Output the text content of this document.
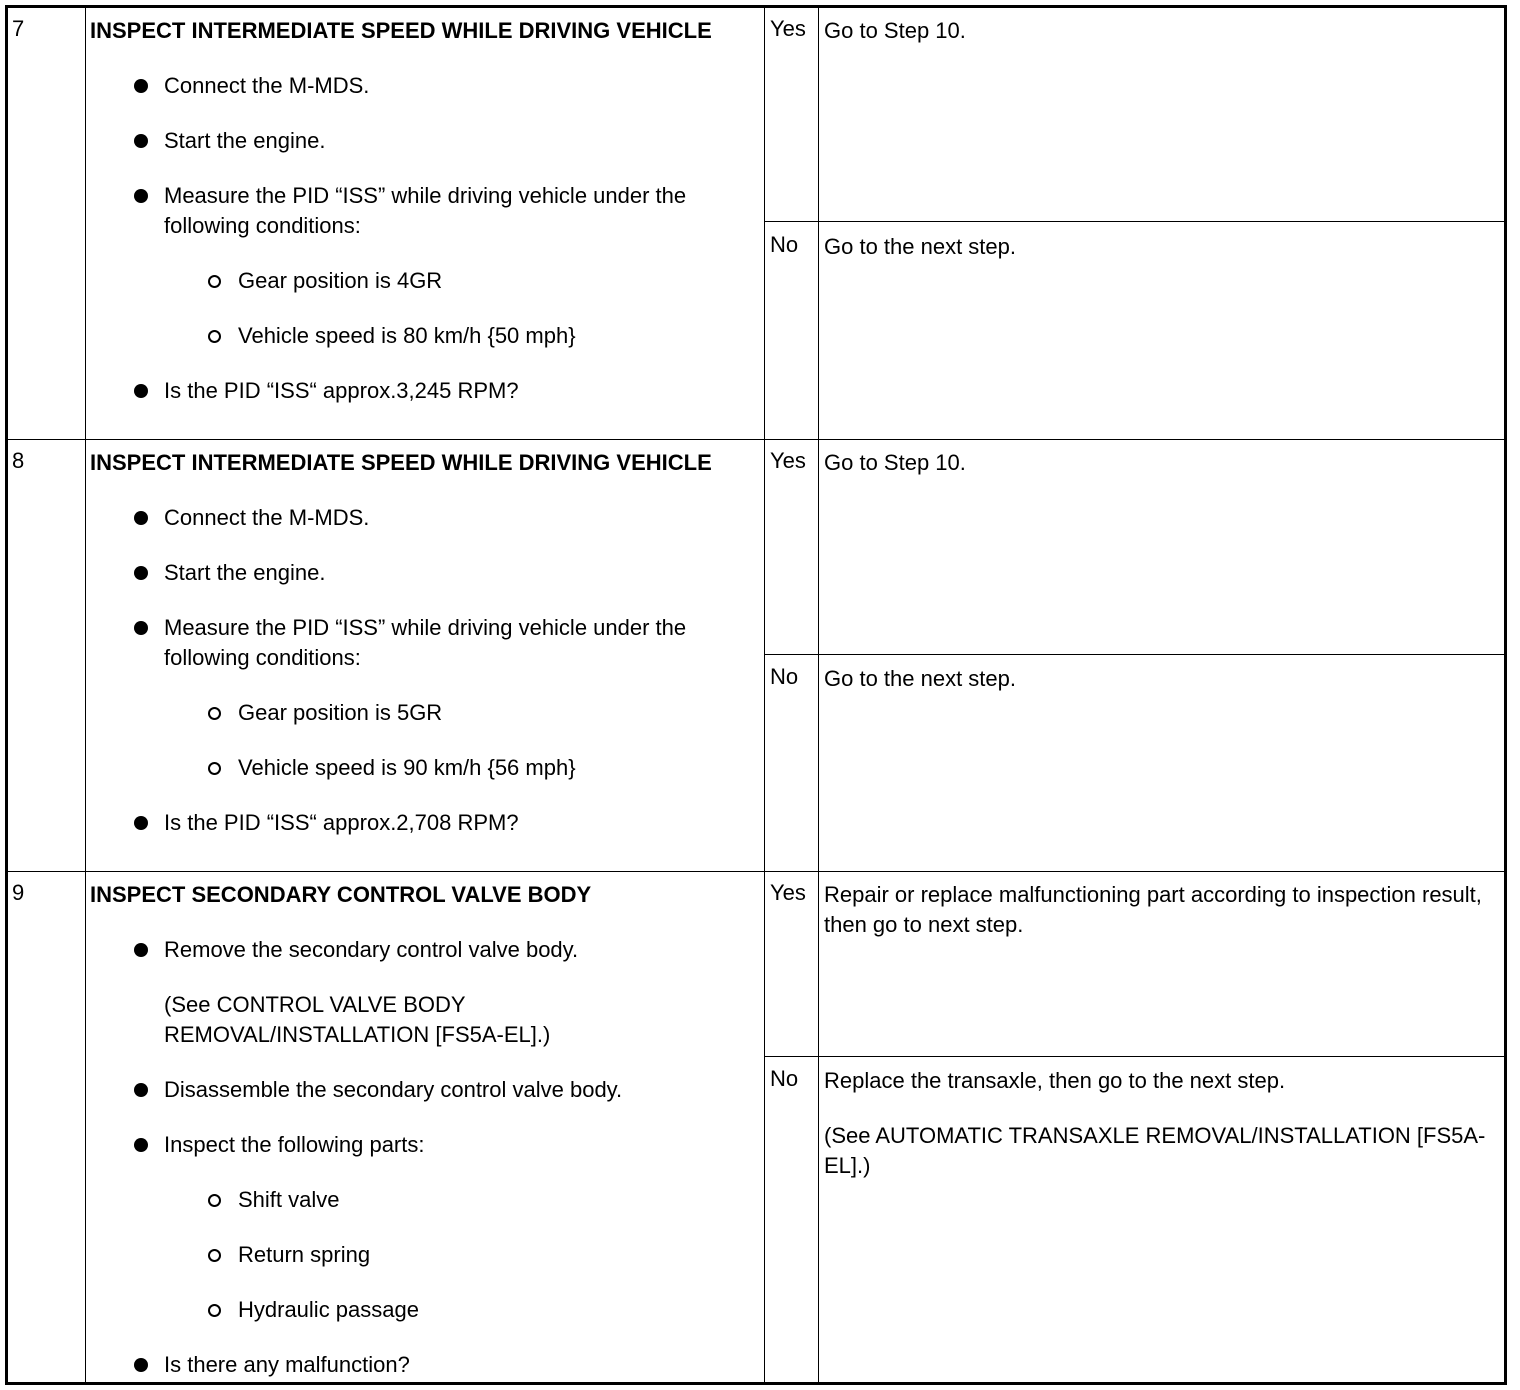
7	INSPECT INTERMEDIATE SPEED WHILE DRIVING VEHICLE
Connect the M-MDS.
Start the engine.
Measure the PID “ISS” while driving vehicle under the following conditions:
Gear position is 4GR
Vehicle speed is 80 km/h {50 mph}
Is the PID “ISS“ approx.3,245 RPM?
Yes Go to Step 10.

No Go to the next step.

8	INSPECT INTERMEDIATE SPEED WHILE DRIVING VEHICLE
Connect the M-MDS.
Start the engine.
Measure the PID “ISS” while driving vehicle under the following conditions:
Gear position is 5GR
Vehicle speed is 90 km/h {56 mph}
Is the PID “ISS“ approx.2,708 RPM?
Yes Go to Step 10.

No Go to the next step.

9	INSPECT SECONDARY CONTROL VALVE BODY
Remove the secondary control valve body.
(See CONTROL VALVE BODY REMOVAL/INSTALLATION [FS5A-EL].)
Disassemble the secondary control valve body.
Inspect the following parts:
Shift valve
Return spring
Hydraulic passage
Is there any malfunction?
Yes Repair or replace malfunctioning part according to inspection result, then go to next step.

No Replace the transaxle, then go to the next step.

(See AUTOMATIC TRANSAXLE REMOVAL/INSTALLATION [FS5A-EL].)
